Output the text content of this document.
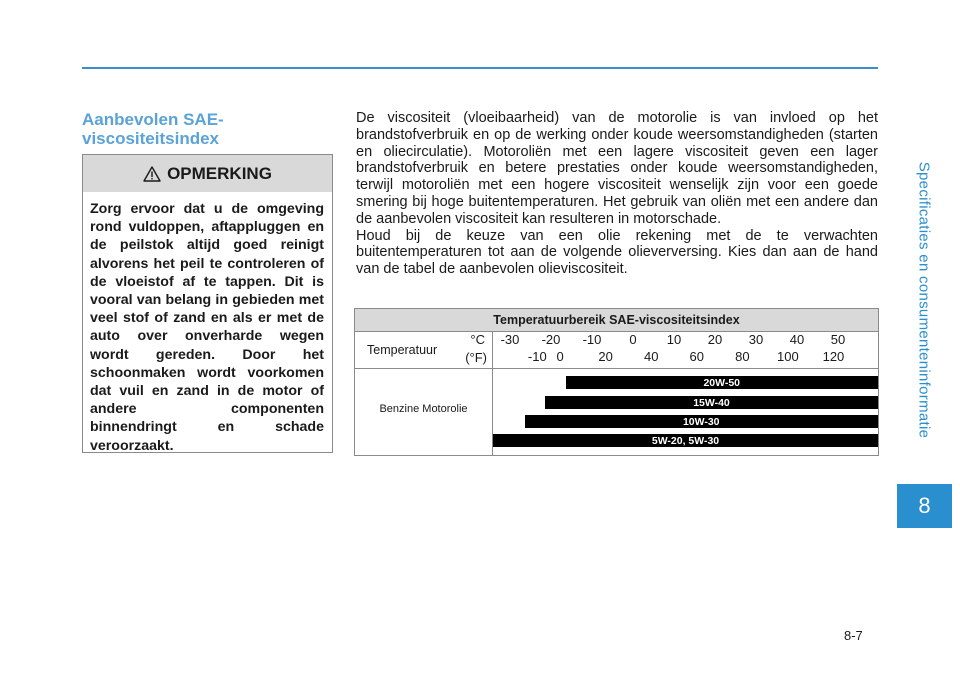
Specificaties en consumenteninformatie
8
Aanbevolen SAE-
viscositeitsindex
OPMERKING

Zorg ervoor dat u de omgeving rond vuldoppen, aftappluggen en de peilstok altijd goed reinigt alvorens het peil te controleren of de vloeistof af te tappen. Dit is vooral van belang in gebieden met veel stof of zand en als er met de auto over onverharde wegen wordt gereden. Door het schoonmaken wordt voorkomen dat vuil en zand in de motor of andere componenten binnendringt en schade veroorzaakt.

De viscositeit (vloeibaarheid) van de motorolie is van invloed op het brandstofverbruik en op de werking onder koude weersomstandigheden (starten en oliecirculatie). Motoroliën met een lagere viscositeit geven een lager brandstofverbruik en betere prestaties onder koude weersomstandigheden, terwijl motoroliën met een hogere viscositeit wenselijk zijn voor een goede smering bij hoge buitentemperaturen. Het gebruik van oliën met een andere dan de aanbevolen viscositeit kan resulteren in motorschade.
Houd bij de keuze van een olie rekening met de te verwachten buitentemperaturen tot aan de volgende olieverversing. Kies dan aan de hand van de tabel de aanbevolen olieviscositeit.
Temperatuurbereik SAE-viscositeitsindex
Temperatuur
°C
(°F)
Benzine Motorolie
-30 -20 -10 0 10 20 30 40 50
-10 0	20 40 60 80 100 120
20W-50
15W-40
10W-30
5W-20, 5W-30
8-7
